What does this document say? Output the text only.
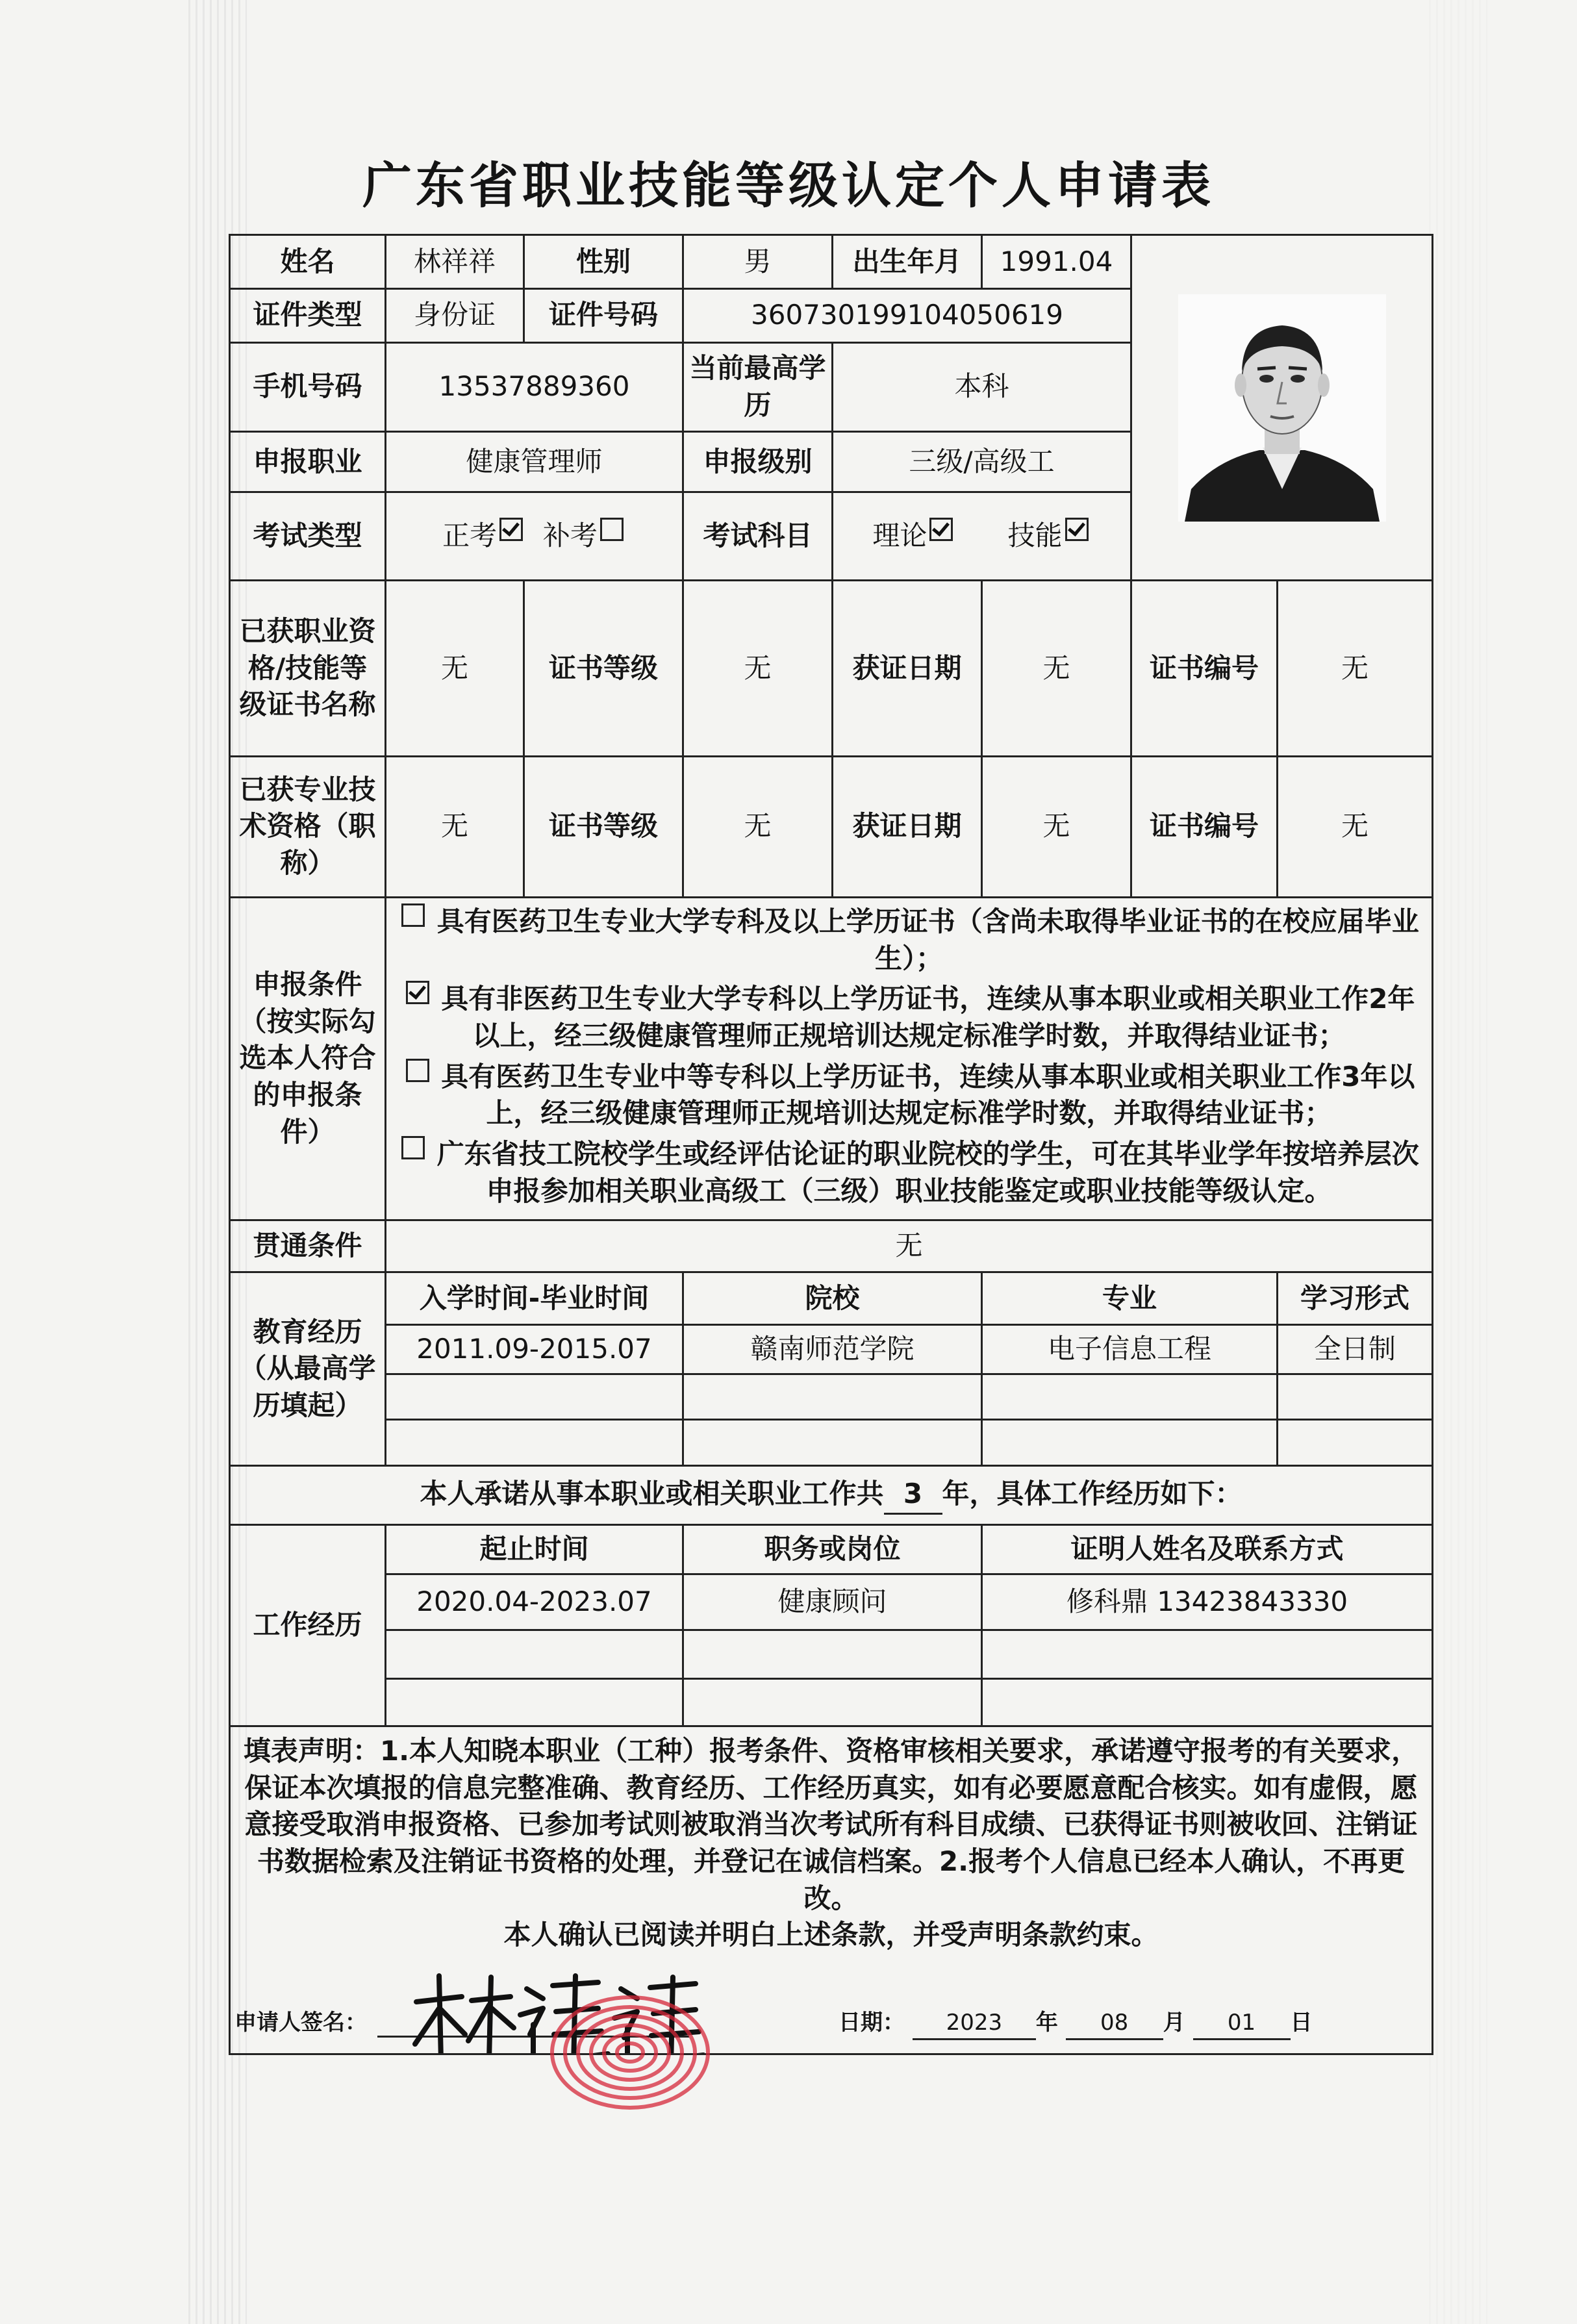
广东省职业技能等级认定个人申请表
姓名	林祥祥	性别	男	出生年月	1991.04	

证件类型	身份证	证件号码	360730199104050619				
手机号码	13537889360		当前最高学历	本科			
申报职业	健康管理师		申报级别	三级/高级工			
考试类型	正考 补考		考试科目	理论 技能			
已获职业资格/技能等级证书名称	无	证书等级	无	获证日期	无	证书编号	无
已获专业技术资格（职称）	无	证书等级	无	获证日期	无	证书编号	无
申报条件（按实际勾选本人符合的申报条件）	具有医药卫生专业大学专科及以上学历证书（含尚未取得毕业证书的在校应届毕业生）；

具有非医药卫生专业大学专科以上学历证书，连续从事本职业或相关职业工作2年以上，经三级健康管理师正规培训达规定标准学时数，并取得结业证书；

具有医药卫生专业中等专科以上学历证书，连续从事本职业或相关职业工作3年以上，经三级健康管理师正规培训达规定标准学时数，并取得结业证书；

广东省技工院校学生或经评估论证的职业院校的学生，可在其毕业学年按培养层次申报参加相关职业高级工（三级）职业技能鉴定或职业技能等级认定。						

贯通条件	无						
教育经历（从最高学历填起）	入学时间-毕业时间		院校		专业		学习形式
	2011.09-2015.07		赣南师范学院		电子信息工程		全日制

本人承诺从事本职业或相关职业工作共 3 年，具体工作经历如下：							
工作经历	起止时间		职务或岗位		证明人姓名及联系方式		
	2020.04-2023.07		健康顾问		修科鼎 13423843330		

填表声明：1.本人知晓本职业（工种）报考条件、资格审核相关要求，承诺遵守报考的有关要求，保证本次填报的信息完整准确、教育经历、工作经历真实，如有必要愿意配合核实。如有虚假，愿意接受取消申报资格、已参加考试则被取消当次考试所有科目成绩、已获得证书则被收回、注销证书数据检索及注销证书资格的处理，并登记在诚信档案。2.报考个人信息已经本人确认，不再更改。

本人确认已阅读并明白上述条款，并受声明条款约束。

申请人签名： 日期： 2023 年 08 月 01 日							
